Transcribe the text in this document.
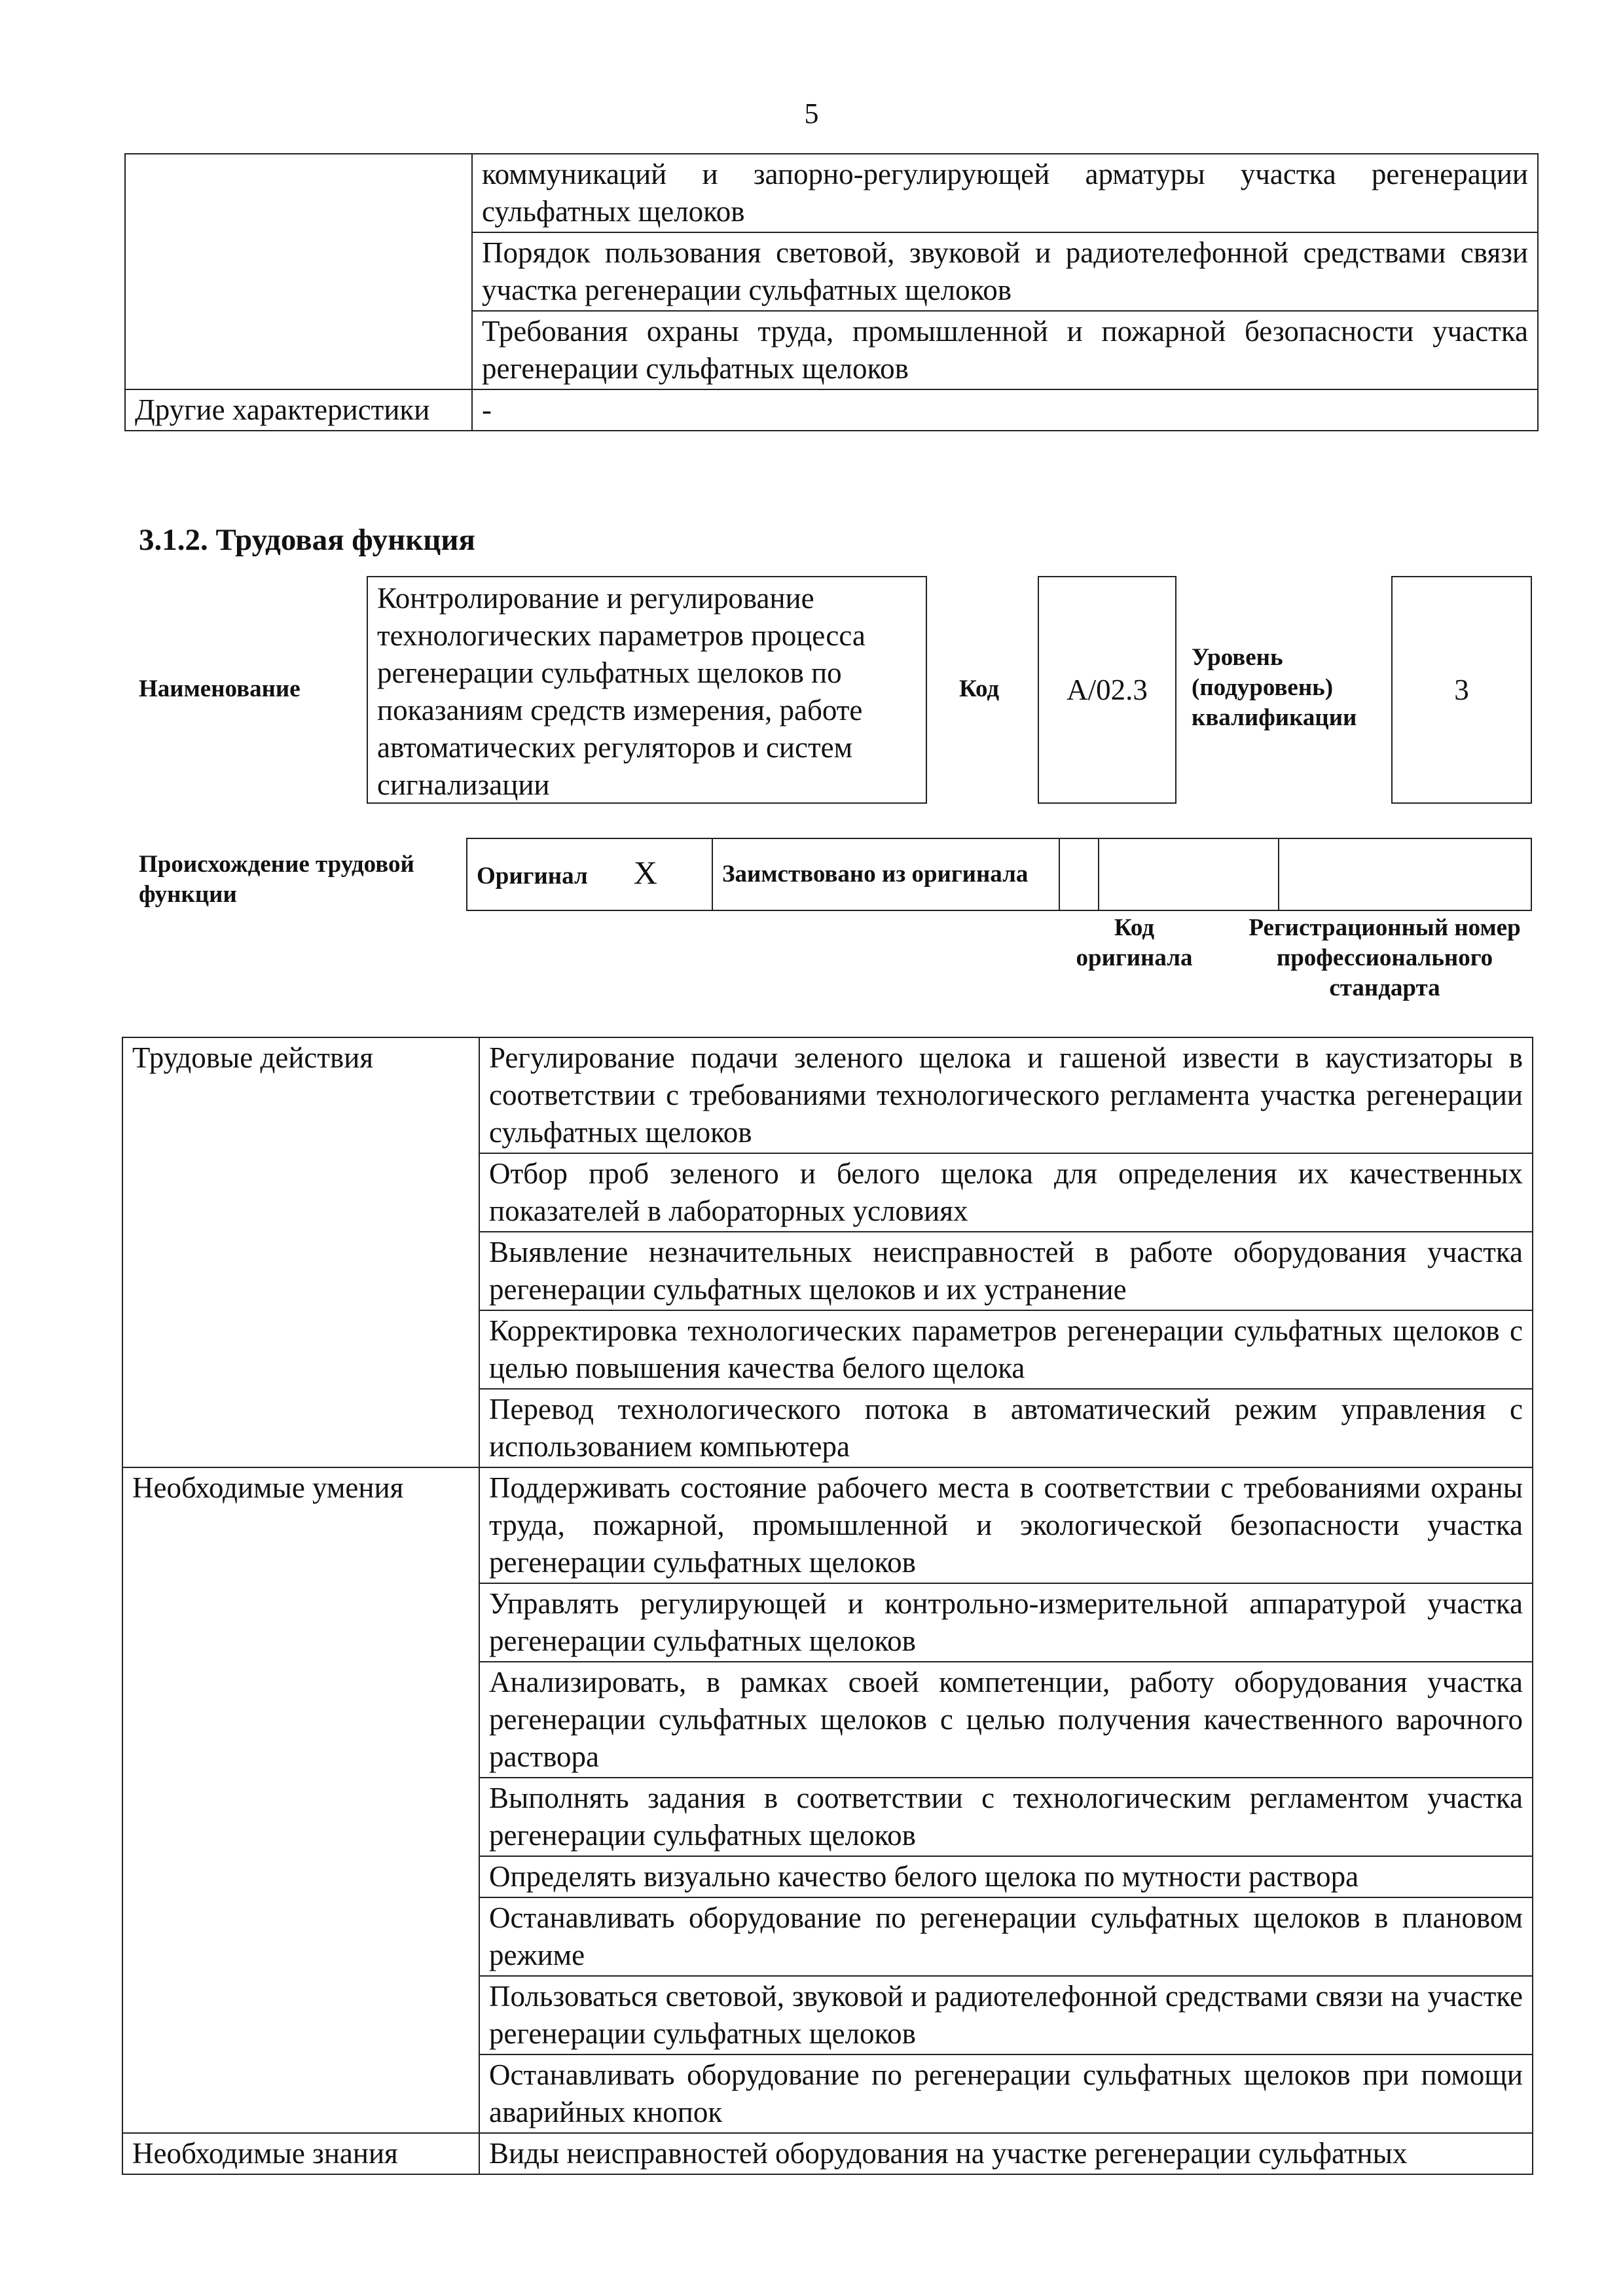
5
	коммуникаций и запорно-регулирующей арматуры участка регенерации сульфатных щелоков
	Порядок пользования световой, звуковой и радиотелефонной средствами связи участка регенерации сульфатных щелоков
	Требования охраны труда, промышленной и пожарной безопасности участка регенерации сульфатных щелоков
Другие характеристики	-
3.1.2. Трудовая функция
Наименование
Контролирование и регулирование технологических параметров процесса регенерации сульфатных щелоков по показаниям средств измерения, работе автоматических регуляторов и систем сигнализации
Код А/02.3
Уровень (подуровень) квалификации
3
Происхождение трудовой функции
Оригинал Х	Заимствовано из оригинала			
Код оригинала
Регистрационный номер профессионального стандарта
Трудовые действия	Регулирование подачи зеленого щелока и гашеной извести в каустизаторы в соответствии с требованиями технологического регламента участка регенерации сульфатных щелоков
	Отбор проб зеленого и белого щелока для определения их качественных показателей в лабораторных условиях
	Выявление незначительных неисправностей в работе оборудования участка регенерации сульфатных щелоков и их устранение
	Корректировка технологических параметров регенерации сульфатных щелоков с целью повышения качества белого щелока
	Перевод технологического потока в автоматический режим управления с использованием компьютера
Необходимые умения	Поддерживать состояние рабочего места в соответствии с требованиями охраны труда, пожарной, промышленной и экологической безопасности участка регенерации сульфатных щелоков
	Управлять регулирующей и контрольно-измерительной аппаратурой участка регенерации сульфатных щелоков
	Анализировать, в рамках своей компетенции, работу оборудования участка регенерации сульфатных щелоков с целью получения качественного варочного раствора
	Выполнять задания в соответствии с технологическим регламентом участка регенерации сульфатных щелоков
	Определять визуально качество белого щелока по мутности раствора
	Останавливать оборудование по регенерации сульфатных щелоков в плановом режиме
	Пользоваться световой, звуковой и радиотелефонной средствами связи на участке регенерации сульфатных щелоков
	Останавливать оборудование по регенерации сульфатных щелоков при помощи аварийных кнопок
Необходимые знания	Виды неисправностей оборудования на участке регенерации сульфатных
